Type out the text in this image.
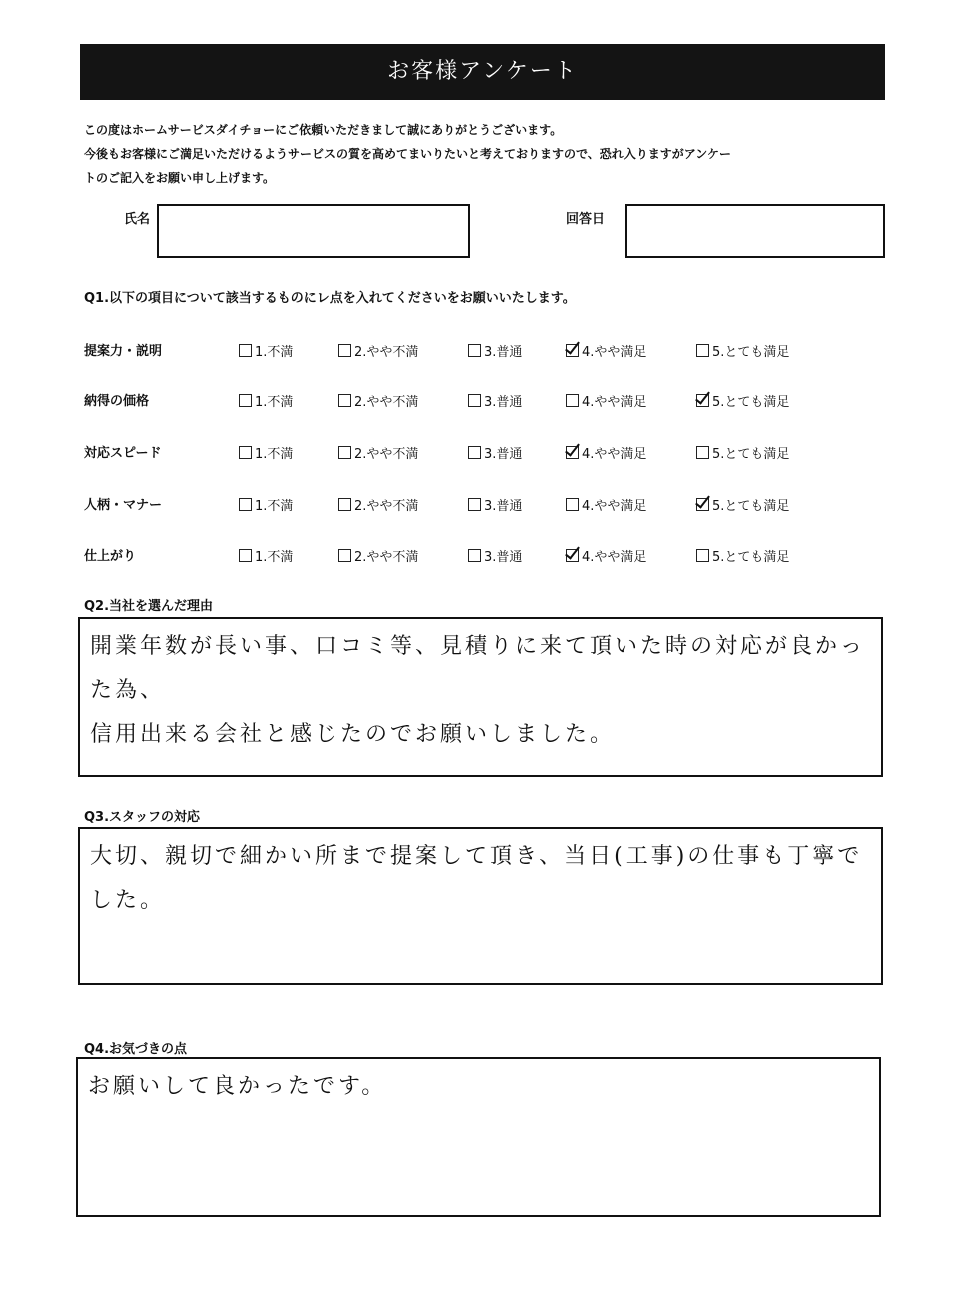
お客様アンケート
この度はホームサービスダイチョーにご依頼いただきまして誠にありがとうございます。
今後もお客様にご満足いただけるようサービスの質を高めてまいりたいと考えておりますので、恐れ入りますがアンケー
トのご記入をお願い申し上げます。
氏名	回答日
Q1.以下の項目について該当するものにレ点を入れてくださいをお願いいたします。
提案力・説明	1.不満	2.やや不満	3.普通	4.やや満足	5.とても満足
納得の価格	1.不満	2.やや不満	3.普通	4.やや満足	5.とても満足
対応スピード	1.不満	2.やや不満	3.普通	4.やや満足	5.とても満足
人柄・マナー	1.不満	2.やや不満	3.普通	4.やや満足	5.とても満足
仕上がり	1.不満	2.やや不満	3.普通	4.やや満足	5.とても満足
Q2.当社を選んだ理由
開業年数が長い事、口コミ等、見積りに来て頂いた時の対応が良かった為、
信用出来る会社と感じたのでお願いしました。
Q3.スタッフの対応
大切、親切で細かい所まで提案して頂き、当日(工事)の仕事も丁寧でした。
Q4.お気づきの点
お願いして良かったです。
